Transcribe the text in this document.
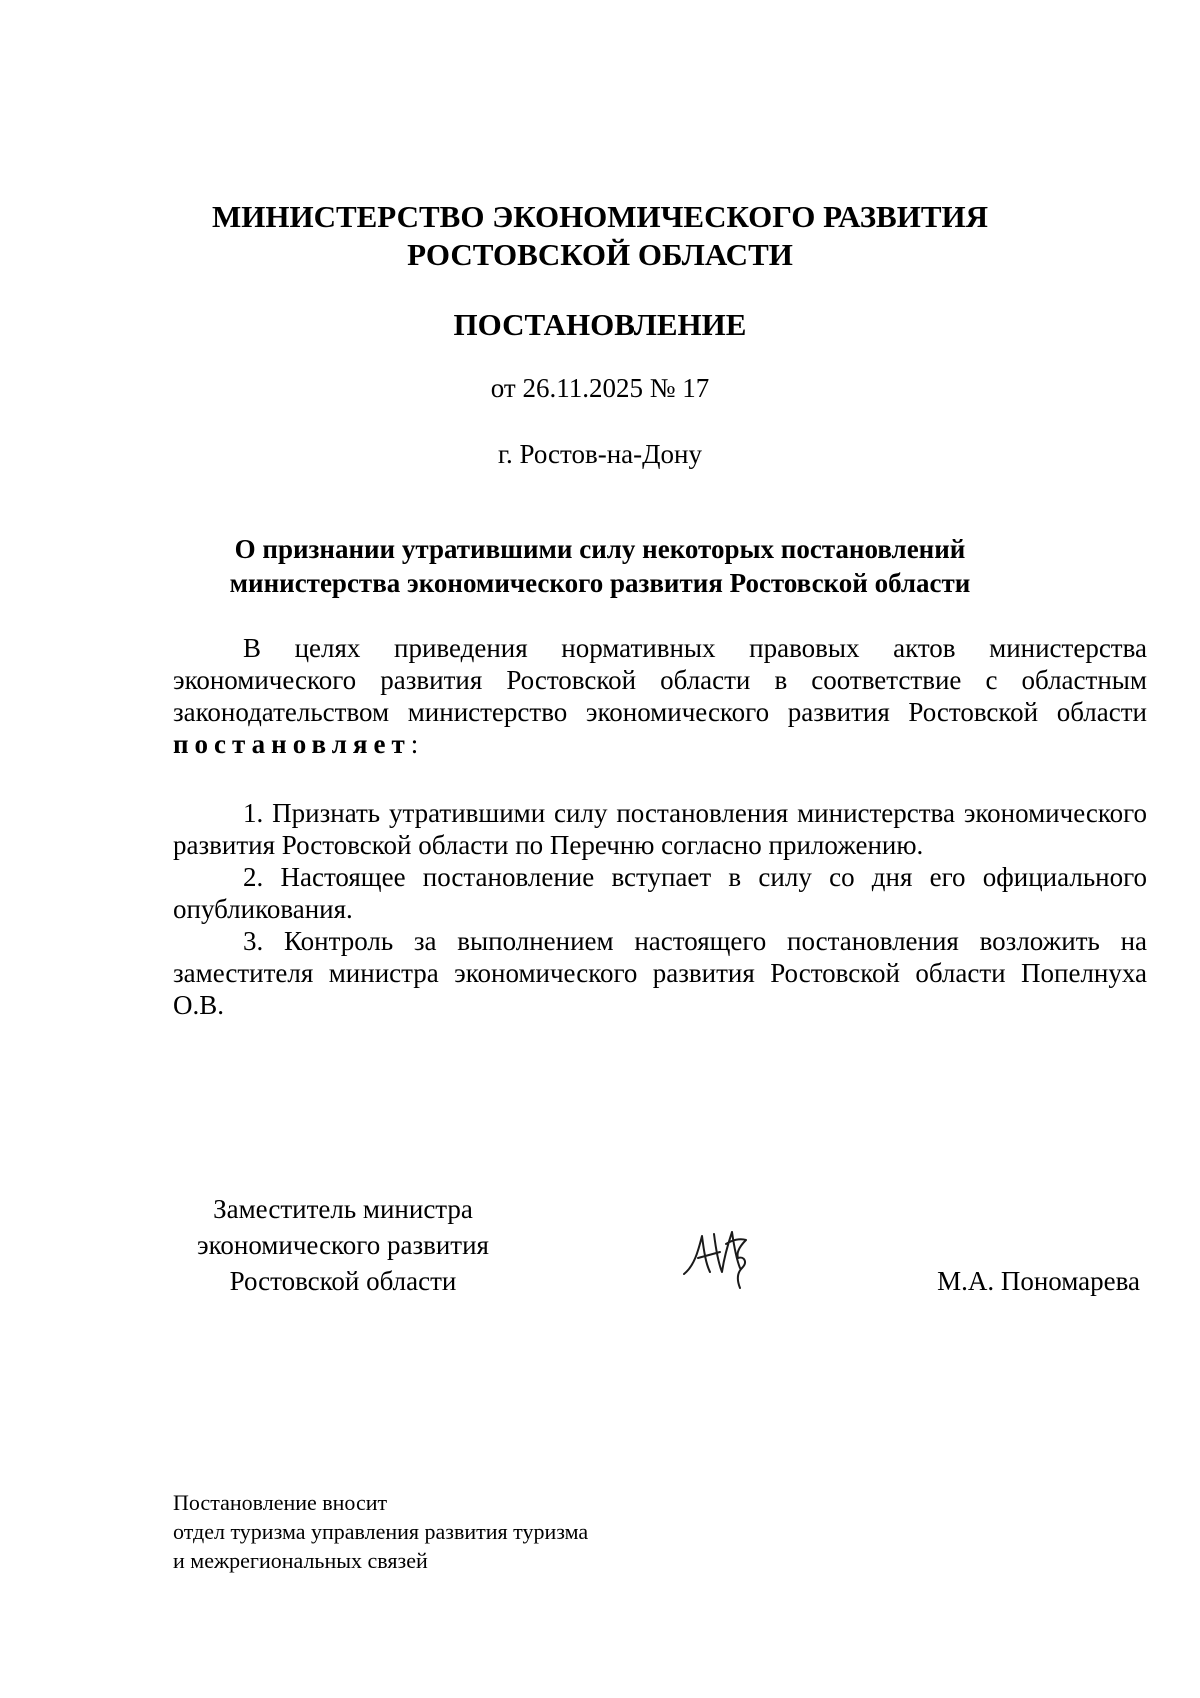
МИНИСТЕРСТВО ЭКОНОМИЧЕСКОГО РАЗВИТИЯ
РОСТОВСКОЙ ОБЛАСТИ
ПОСТАНОВЛЕНИЕ
от 26.11.2025 № 17
г. Ростов-на-Дону
О признании утратившими силу некоторых постановлений
министерства экономического развития Ростовской области

В целях приведения нормативных правовых актов министерства экономического развития Ростовской области в соответствие с областным законодательством министерство экономического развития Ростовской области постановляет:

1. Признать утратившими силу постановления министерства экономического развития Ростовской области по Перечню согласно приложению.

2. Настоящее постановление вступает в силу со дня его официального опубликования.

3. Контроль за выполнением настоящего постановления возложить на заместителя министра экономического развития Ростовской области Попелнуха О.В.

Заместитель министра
экономического развития
Ростовской области	М.А. Пономарева
Постановление вносит
отдел туризма управления развития туризма
и межрегиональных связей
